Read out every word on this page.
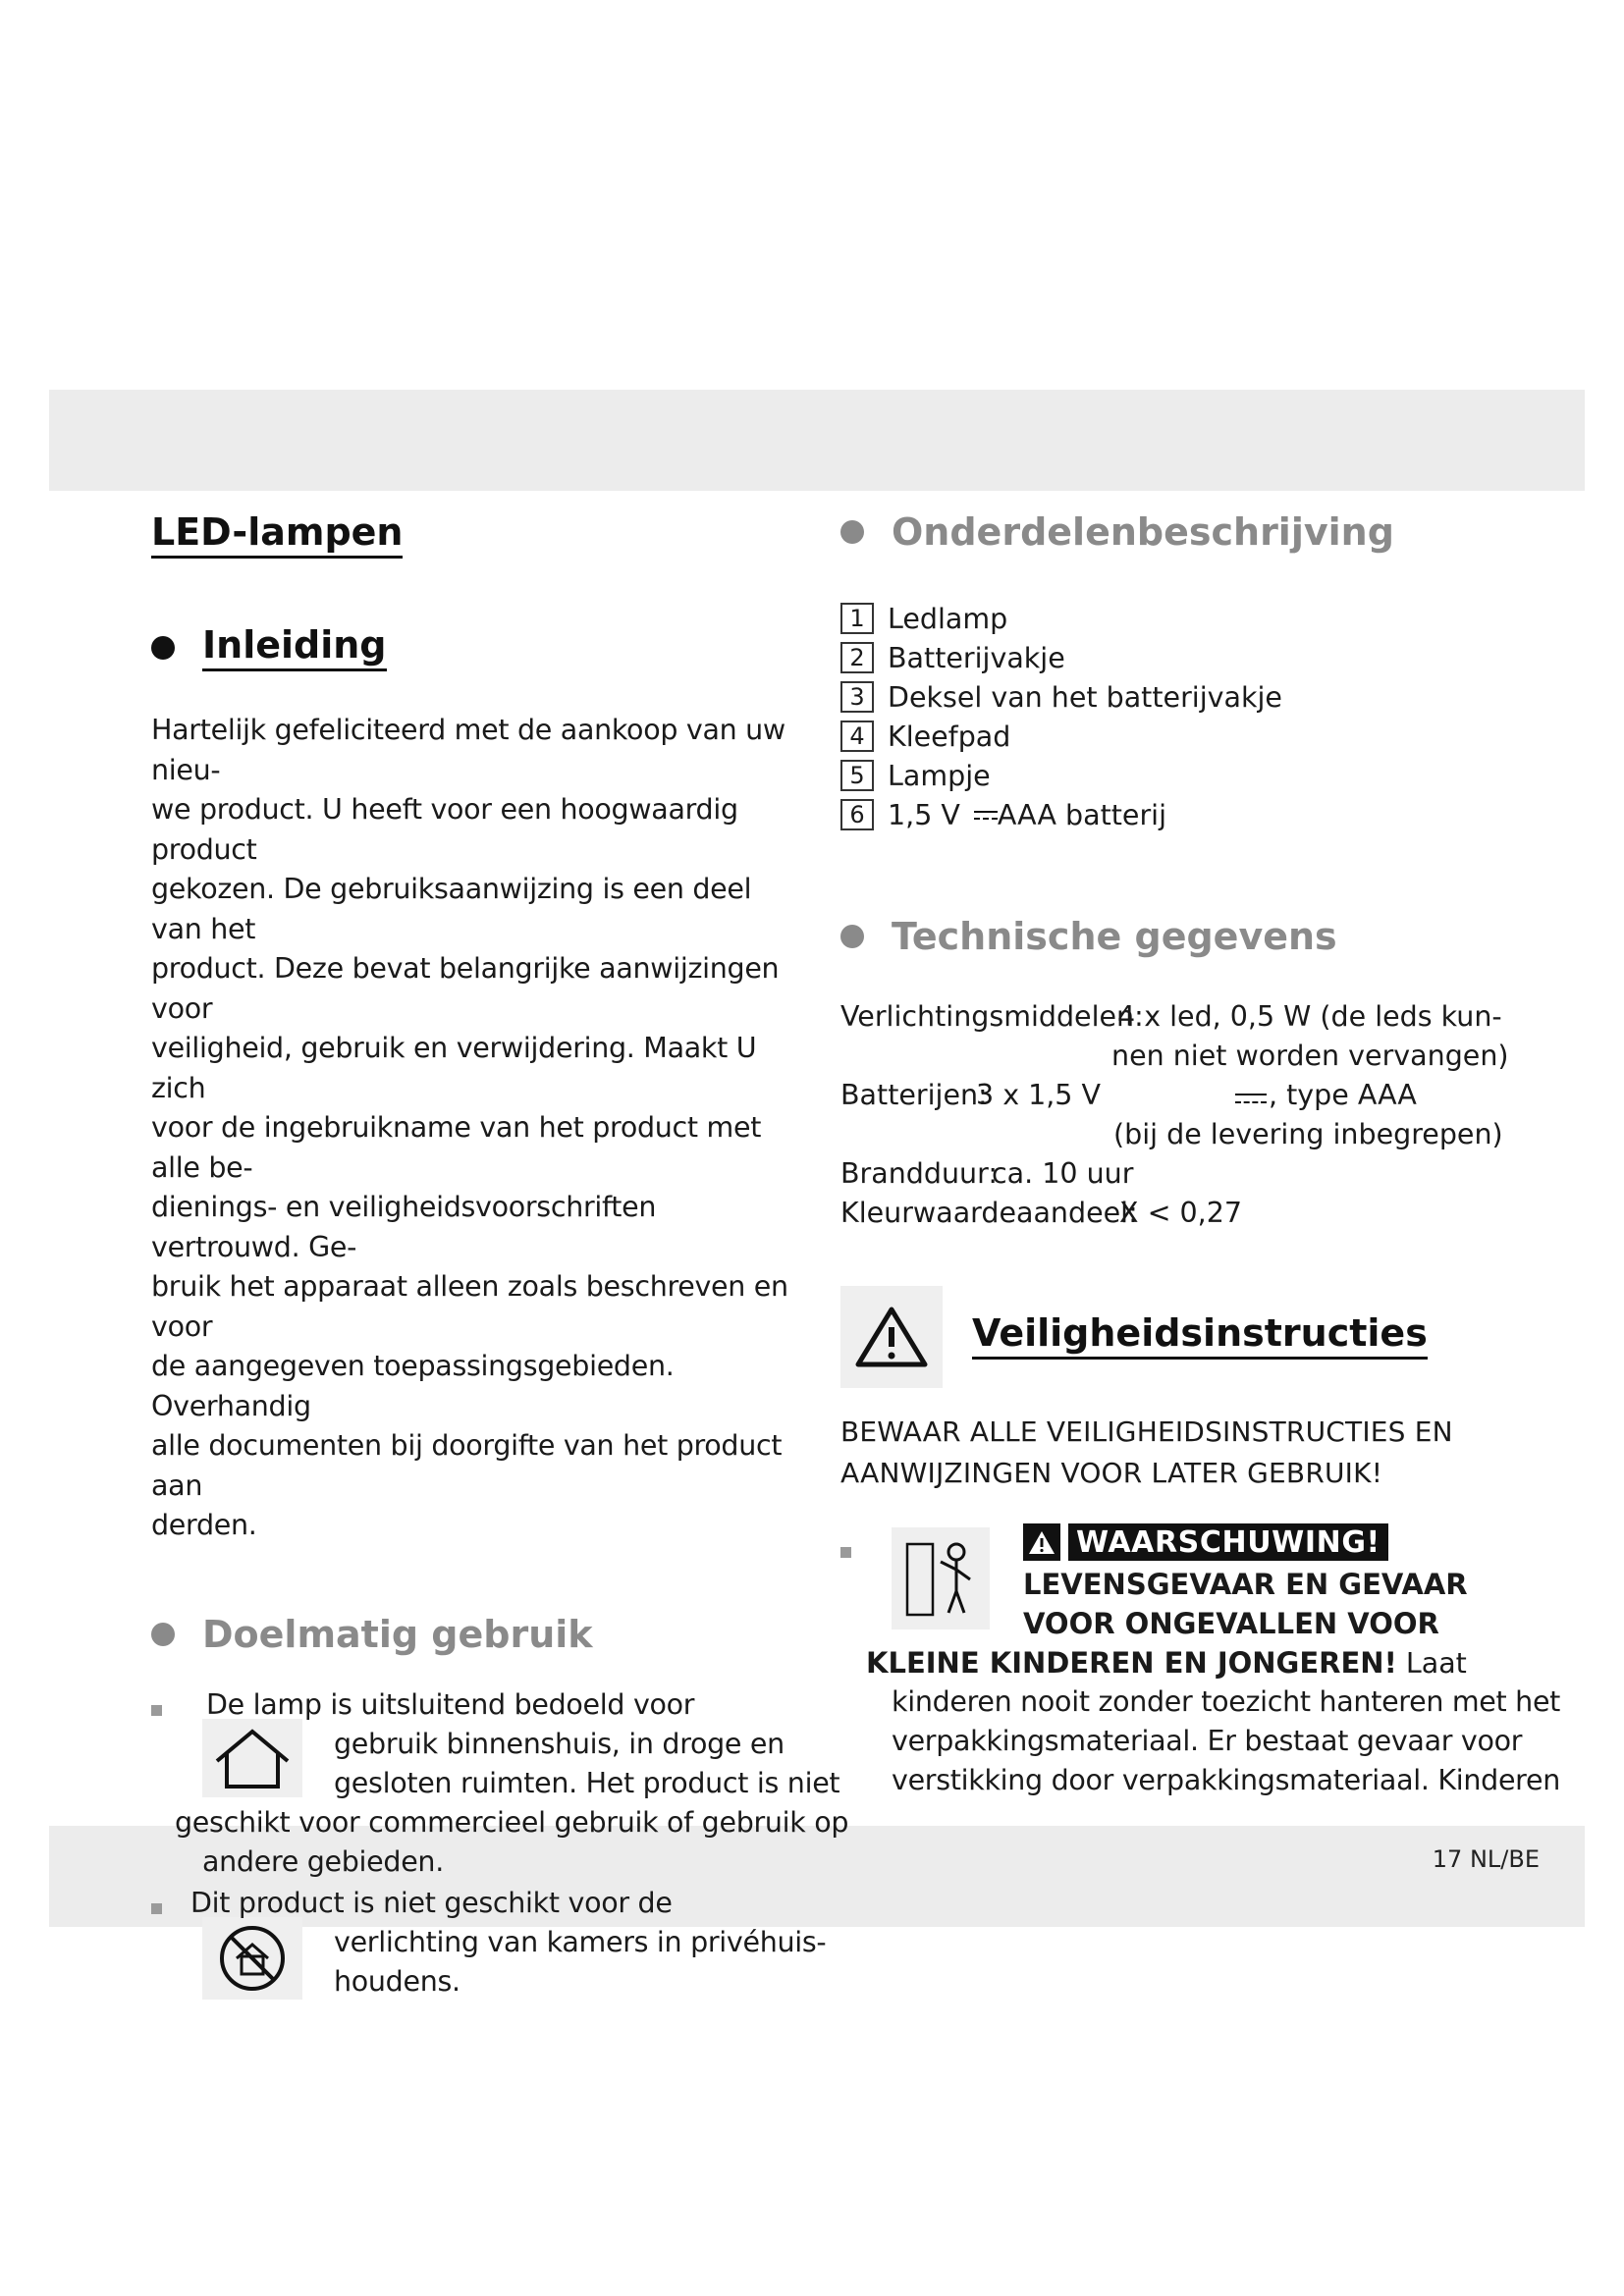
17 NL/BE
LED-lampen
Inleiding

Hartelijk gefeliciteerd met de aankoop van uw nieu-

we product. U heeft voor een hoogwaardig product

gekozen. De gebruiksaanwijzing is een deel van het

product. Deze bevat belangrijke aanwijzingen voor

veiligheid, gebruik en verwijdering. Maakt U zich

voor de ingebruikname van het product met alle be-

dienings- en veiligheidsvoorschriften vertrouwd. Ge-

bruik het apparaat alleen zoals beschreven en voor

de aangegeven toepassingsgebieden. Overhandig

alle documenten bij doorgifte van het product aan

derden.

Doelmatig gebruik

De lamp is uitsluitend bedoeld voor

gebruik binnenshuis, in droge en

gesloten ruimten. Het product is niet

geschikt voor commercieel gebruik of gebruik op

andere gebieden.

Dit product is niet geschikt voor de

verlichting van kamers in privéhuis-

houdens.

Onderdelenbeschrijving
1 Ledlamp
2 Batterijvakje
3 Deksel van het batterijvakje
4 Kleefpad
5 Lampje
6 1,5 V AAA batterij
Technische gegevens
Verlichtingsmiddelen:
4 x led, 0,5 W (de leds kun-
nen niet worden vervangen)
Batterijen:
3 x 1,5 V	, type AAA
(bij de levering inbegrepen)
Brandduur:
ca. 10 uur
Kleurwaardeaandeel:
X < 0,27
Veiligheidsinstructies
BEWAAR ALLE VEILIGHEIDSINSTRUCTIES EN
AANWIJZINGEN VOOR LATER GEBRUIK!
WAARSCHUWING!
LEVENSGEVAAR EN GEVAAR
VOOR ONGEVALLEN VOOR
KLEINE KINDEREN EN JONGEREN! Laat

kinderen nooit zonder toezicht hanteren met het

verpakkingsmateriaal. Er bestaat gevaar voor

verstikking door verpakkingsmateriaal. Kinderen
